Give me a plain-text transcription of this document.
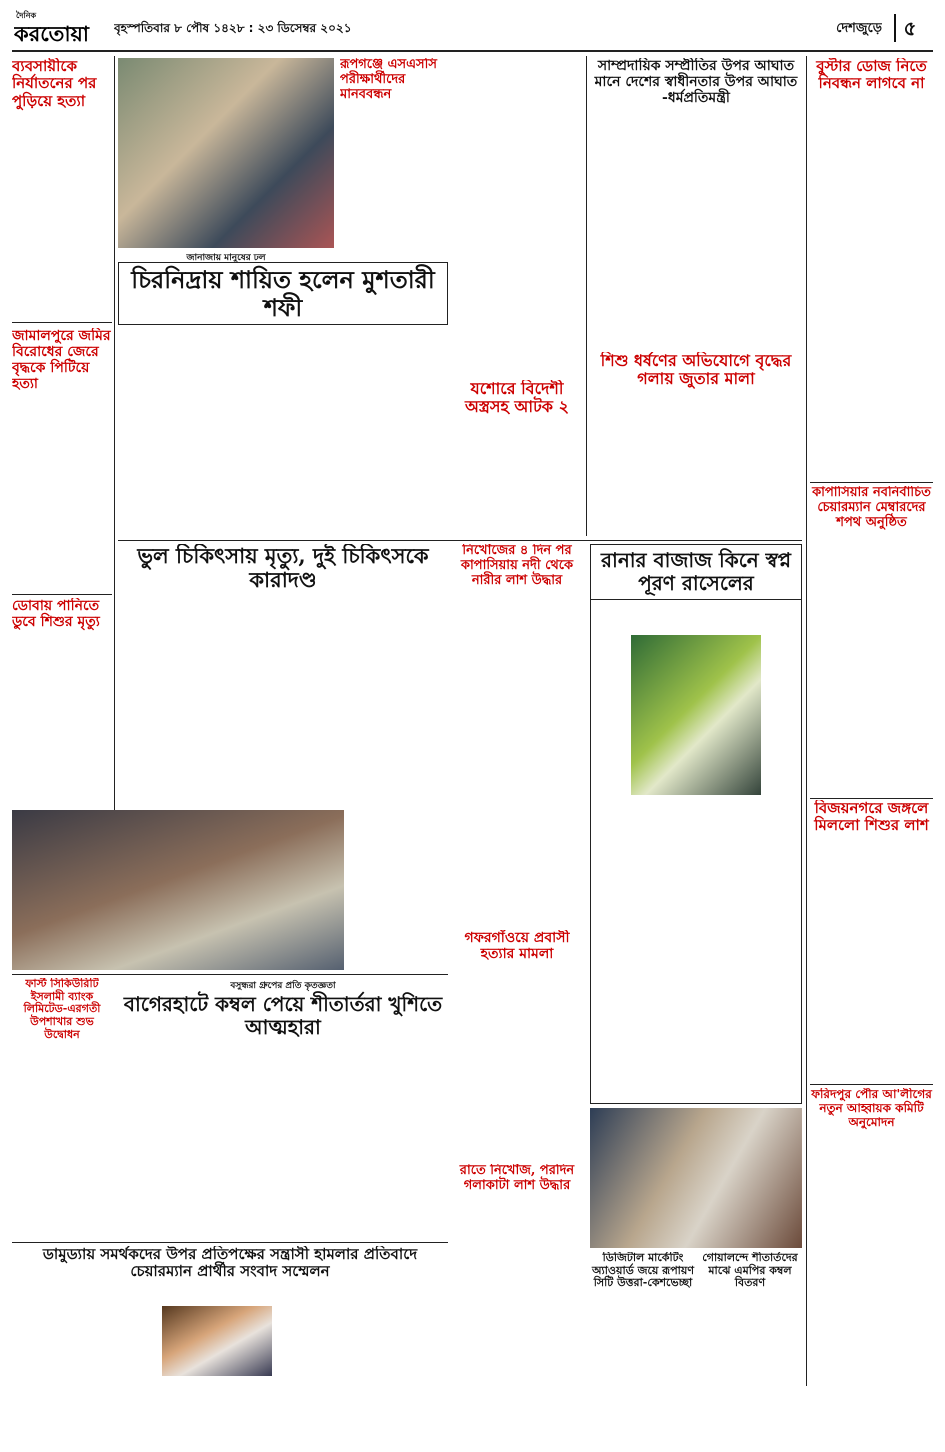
দৈনিক
করতোয়া বৃহস্পতিবার ৮ পৌষ ১৪২৮ : ২৩ ডিসেম্বর ২০২১	দেশজুড়ে	৫
ব্যবসায়ীকে নির্যাতনের পর পুড়িয়ে হত্যা
জামালপুরে জমির বিরোধের জেরে বৃদ্ধকে পিটিয়ে হত্যা
ডোবায় পানিতে ডুবে শিশুর মৃত্যু
জানাজায় মানুষের ঢল
রূপগঞ্জে এসএসসি পরীক্ষার্থীদের মানববন্ধন
চিরনিদ্রায় শায়িত হলেন মুশতারী শফী
যশোরে বিদেশী অস্ত্রসহ আটক ২
সাম্প্রদায়িক সম্প্রীতির উপর আঘাত মানে দেশের স্বাধীনতার উপর আঘাত -ধর্মপ্রতিমন্ত্রী
শিশু ধর্ষণের অভিযোগে বৃদ্ধের গলায় জুতার মালা
বুস্টার ডোজ নিতে নিবন্ধন লাগবে না
কাপাসিয়ার নবনির্বাচিত চেয়ারম্যান মেম্বারদের শপথ অনুষ্ঠিত
বিজয়নগরে জঙ্গলে মিললো শিশুর লাশ
ফরিদপুর পৌর আ'লীগের নতুন আহ্বায়ক কমিটি অনুমোদন
ভুল চিকিৎসায় মৃত্যু, দুই চিকিৎসকে কারাদণ্ড
নিখোঁজের ৪ দিন পর কাপাসিয়ায় নদী থেকে নারীর লাশ উদ্ধার
রানার বাজাজ কিনে স্বপ্ন পূরণ রাসেলের
গফরগাঁওয়ে প্রবাসী হত্যার মামলা
ফার্স্ট সিকিউরিটি ইসলামী ব্যাংক লিমিটেড-এরগতী উপশাখার শুভ উদ্বোধন
বসুন্ধরা গ্রুপের প্রতি কৃতজ্ঞতা
বাগেরহাটে কম্বল পেয়ে শীতার্তরা খুশিতে আত্মহারা
রাতে নিখোঁজ, পরদিন গলাকাটা লাশ উদ্ধার
ডিজিটাল মার্কেটিং অ্যাওয়ার্ড জয়ে রূপায়ণ সিটি উত্তরা-কেশভেচ্ছা
গোয়ালন্দে শীতার্তদের মাঝে এমপির কম্বল বিতরণ
ডামুড্যায় সমর্থকদের উপর প্রতিপক্ষের সন্ত্রাসী হামলার প্রতিবাদে চেয়ারম্যান প্রার্থীর সংবাদ সম্মেলন
